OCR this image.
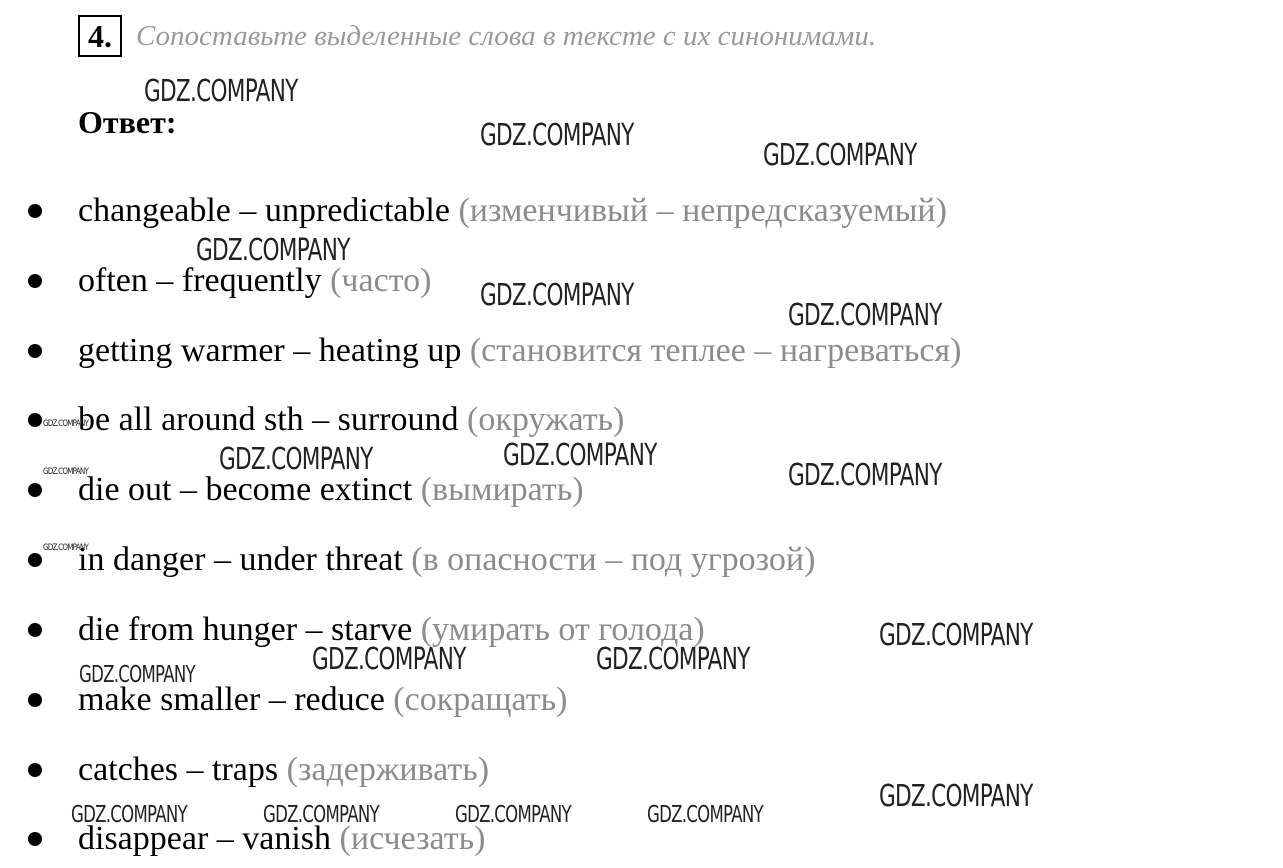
4. Сопоставьте выделенные слова в тексте с их синонимами.
Ответ:
changeable – unpredictable (изменчивый – непредсказуемый)
often – frequently (часто)
getting warmer – heating up (становится теплее – нагреваться)
be all around sth – surround (окружать)
die out – become extinct (вымирать)
in danger – under threat (в опасности – под угрозой)
die from hunger – starve (умирать от голода)
make smaller – reduce (сокращать)
catches – traps (задерживать)
disappear – vanish (исчезать)
GDZ.COMPANY
GDZ.COMPANY
GDZ.COMPANY
GDZ.COMPANY
GDZ.COMPANY
GDZ.COMPANY
GDZ.COMPANY
GDZ.COMPANY
GDZ.COMPANY	GDZ.COMPANY
GDZ.COMPANY
GDZ.COMPANY
GDZ.COMPANY
GDZ.COMPANY	GDZ.COMPANY
GDZ.COMPANY
GDZ.COMPANY
GDZ.COMPANY	GDZ.COMPANY	GDZ.COMPANY	GDZ.COMPANY
